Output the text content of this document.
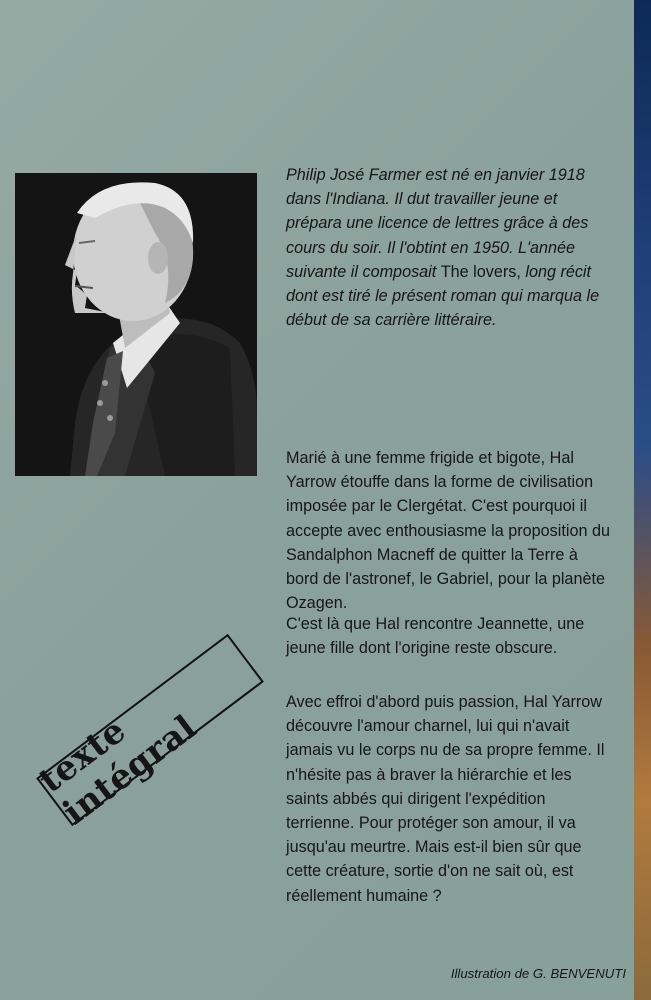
Philip José Farmer est né en janvier 1918 dans l'Indiana. Il dut travailler jeune et prépara une licence de lettres grâce à des cours du soir. Il l'obtint en 1950. L'année suivante il composait The lovers, long récit dont est tiré le présent roman qui marqua le début de sa carrière littéraire.

Marié à une femme frigide et bigote, Hal Yarrow étouffe dans la forme de civilisation imposée par le Clergétat. C'est pourquoi il accepte avec enthousiasme la proposition du Sandalphon Macneff de quitter la Terre à bord de l'astronef, le Gabriel, pour la planète Ozagen.

C'est là que Hal rencontre Jeannette, une jeune fille dont l'origine reste obscure.

Avec effroi d'abord puis passion, Hal Yarrow découvre l'amour charnel, lui qui n'avait jamais vu le corps nu de sa propre femme. Il n'hésite pas à braver la hiérarchie et les saints abbés qui dirigent l'expédition terrienne. Pour protéger son amour, il va jusqu'au meurtre. Mais est-il bien sûr que cette créature, sortie d'on ne sait où, est réellement humaine ?

texte intégral

Illustration de G. BENVENUTI
